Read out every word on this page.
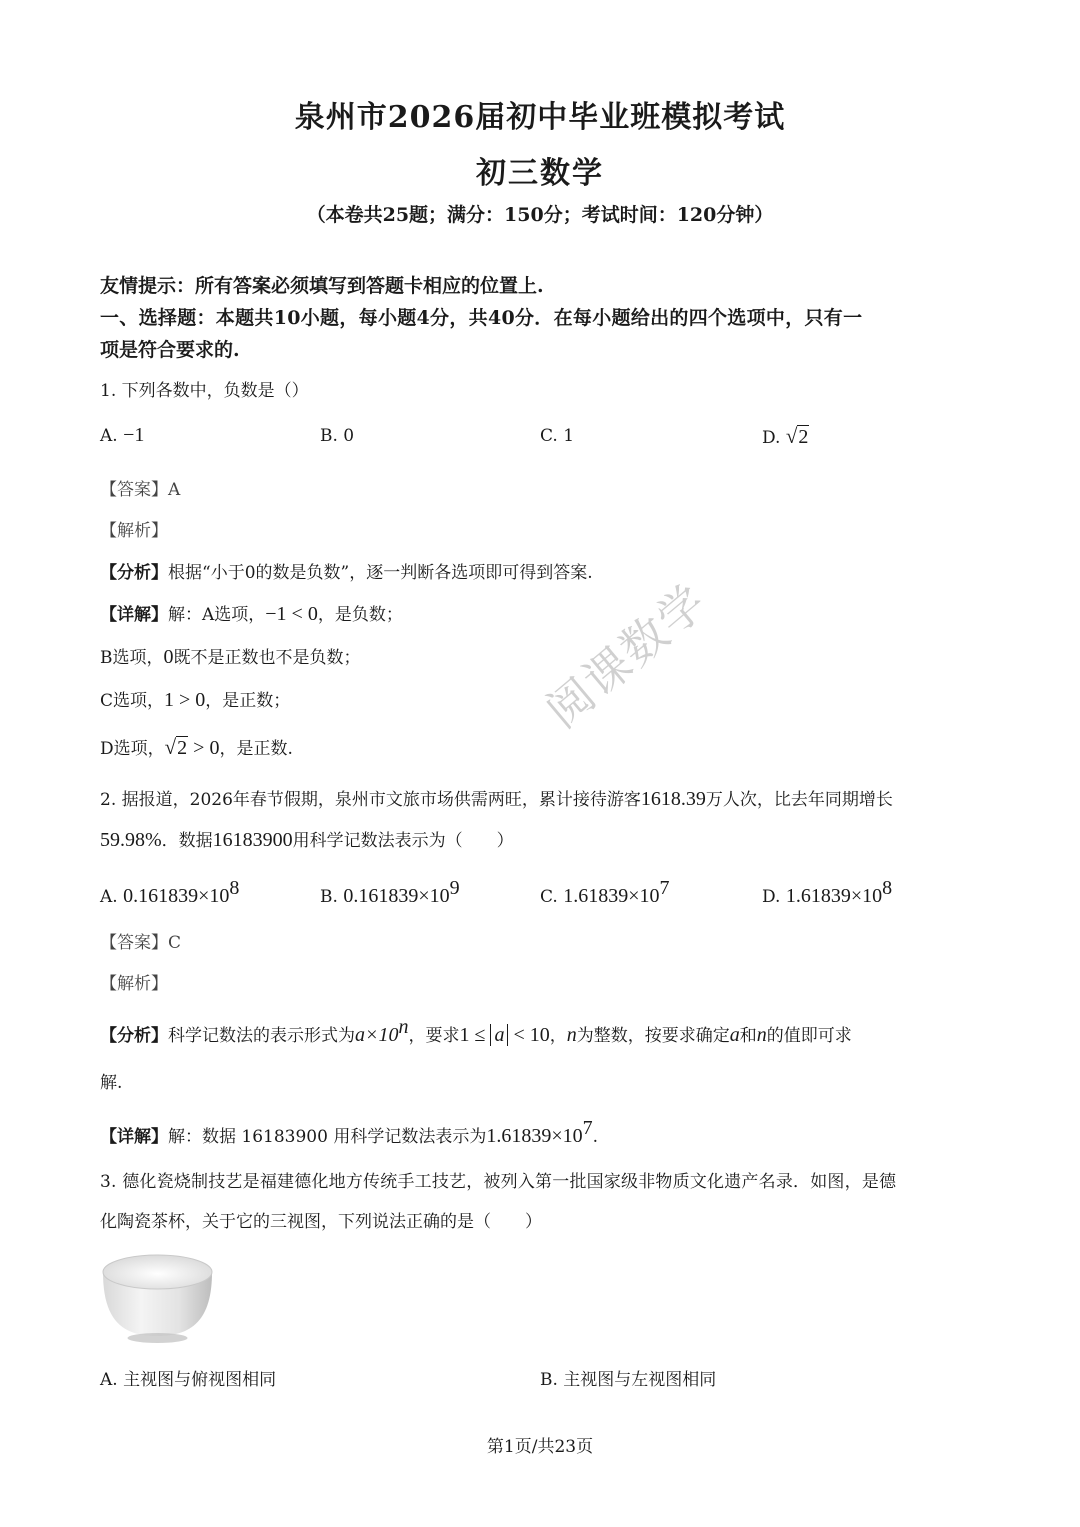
泉州市2026届初中毕业班模拟考试
初三数学
（本卷共25题；满分：150分；考试时间：120分钟）
友情提示：所有答案必须填写到答题卡相应的位置上.
一、选择题：本题共10小题，每小题4分，共40分．在每小题给出的四个选项中，只有一
项是符合要求的.
1. 下列各数中，负数是（）
A. −1	B. 0	C. 1	D. √2
【答案】A
【解析】
【分析】根据“小于0的数是负数”，逐一判断各选项即可得到答案.
【详解】解：A选项，−1 < 0，是负数；
B选项，0既不是正数也不是负数；
C选项，1 > 0，是正数；
D选项，√2 > 0，是正数.
阅课数学
2. 据报道，2026年春节假期，泉州市文旅市场供需两旺，累计接待游客1618.39万人次，比去年同期增长
59.98%．数据16183900用科学记数法表示为（　　）
A. $0.161839\times 10^8$	B. $0.161839\times 10^9$	C. $1.61839\times 10^7$	D. $1.61839\times 10^8$
【答案】C
【解析】
【分析】科学记数法的表示形式为$a\times 10^n$，要求1 ≤ a < 10，n为整数，按要求确定a和n的值即可求
解.
【详解】解：数据 16183900 用科学记数法表示为$1.61839\times 10^7$.
3. 德化瓷烧制技艺是福建德化地方传统手工技艺，被列入第一批国家级非物质文化遗产名录．如图，是德
化陶瓷茶杯，关于它的三视图，下列说法正确的是（　　）
A. 主视图与俯视图相同	B. 主视图与左视图相同
第1页/共23页
